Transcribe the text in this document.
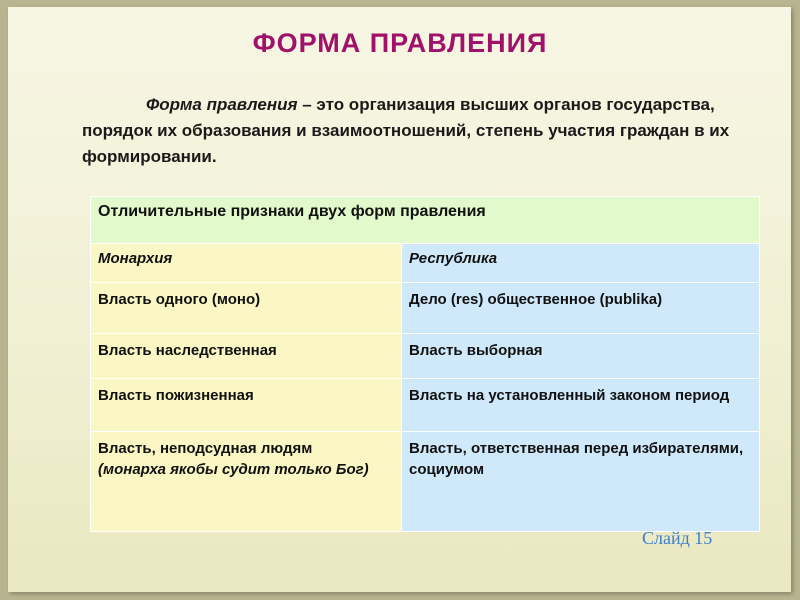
ФОРМА ПРАВЛЕНИЯ
Форма правления – это организация высших органов государства, порядок их образования и взаимоотношений, степень участия граждан в их формировании.
Отличительные признаки двух форм правления	
Монархия	Республика
Власть одного (моно)	Дело (res) общественное (publika)
Власть наследственная	Власть выборная
Власть пожизненная	Власть на установленный законом период
Власть, неподсудная людям
(монарха якобы судит только Бог)	Власть, ответственная перед избирателями, социумом
Слайд 15
